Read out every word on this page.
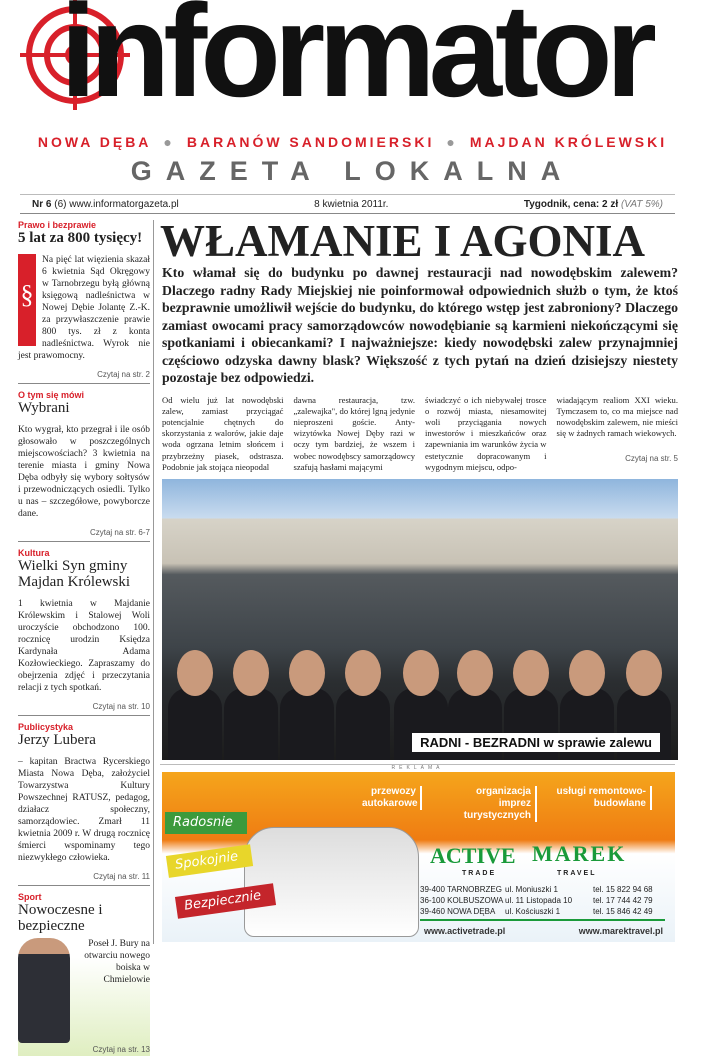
informator
NOWA DĘBA ● BARANÓW SANDOMIERSKI ● MAJDAN KRÓLEWSKI
GAZETA LOKALNA
Nr 6 (6) www.informatorgazeta.pl	8 kwietnia 2011r.	Tygodnik, cena: 2 zł (VAT 5%)
Prawo i bezprawie
5 lat za 800 tysięcy!
§
Na pięć lat więzienia skazał 6 kwietnia Sąd Okręgowy w Tarnobrzegu byłą główną księgową nadleśnictwa w Nowej Dębie Jolantę Z.-K. za przywłaszczenie prawie 800 tys. zł z konta nadleśnictwa. Wyrok nie jest prawomocny.
Czytaj na str. 2
O tym się mówi
Wybrani
Kto wygrał, kto przegrał i ile osób głosowało w poszczególnych miejscowościach? 3 kwietnia na terenie miasta i gminy Nowa Dęba odbyły się wybory sołtysów i przewodniczących osiedli. Tylko u nas – szczegółowe, powyborcze dane.
Czytaj na str. 6-7
Kultura
Wielki Syn gminy Majdan Królewski
1 kwietnia w Majdanie Królewskim i Stalowej Woli uroczyście obchodzono 100. rocznicę urodzin Księdza Kardynała Adama Kozłowieckiego. Zapraszamy do obejrzenia zdjęć i przeczytania relacji z tych spotkań.
Czytaj na str. 10
Publicystyka
Jerzy Lubera
– kapitan Bractwa Rycerskiego Miasta Nowa Dęba, założyciel Towarzystwa Kultury Powszechnej RATUSZ, pedagog, działacz społeczny, samorządowiec. Zmarł 11 kwietnia 2009 r. W drugą rocznicę śmierci wspominamy tego niezwykłego człowieka.
Czytaj na str. 11
Sport
Nowoczesne i bezpieczne
Poseł J. Bury na otwarciu nowego boiska w Chmielowie
Czytaj na str. 13
WŁAMANIE I AGONIA
Kto włamał się do budynku po dawnej restauracji nad nowodębskim zalewem? Dlaczego radny Rady Miejskiej nie poinformował odpowiednich służb o tym, że ktoś bezprawnie umożliwił wejście do budynku, do którego wstęp jest zabroniony? Dlaczego zamiast owocami pracy samorządowców nowodębianie są karmieni niekończącymi się spotkaniami i obiecankami? I najważniejsze: kiedy nowodębski zalew przynajmniej częściowo odzyska dawny blask? Większość z tych pytań na dzień dzisiejszy niestety pozostaje bez odpowiedzi.

Od wielu już lat nowodębski zalew, zamiast przyciągać potencjalnie chętnych do skorzystania z walorów, jakie daje woda ogrzana letnim słońcem i przybrzeżny piasek, odstrasza. Podobnie jak stojąca nieopodal

dawna restauracja, tzw. „zalewajka", do której lgną jedynie nieproszeni goście. Anty-wizytówka Nowej Dęby razi w oczy tym bardziej, że wszem i wobec nowodębscy samorządowcy szafują hasłami mającymi

świadczyć o ich niebywałej trosce o rozwój miasta, niesamowitej woli przyciągania nowych inwestorów i mieszkańców oraz zapewniania im warunków życia w estetycznie dopracowanym i wygodnym miejscu, odpo-

wiadającym realiom XXI wieku. Tymczasem to, co ma miejsce nad nowodębskim zalewem, nie mieści się w żadnych ramach wiekowych.
Czytaj na str. 5

RADNI - BEZRADNI w sprawie zalewu
REKLAMA
przewozy autokarowe
organizacja imprez turystycznych
usługi remontowo-budowlane
Radosnie
Spokojnie
Bezpiecznie
ACTIVE
TRADE
MAREK
TRAVEL
39-400 TARNOBRZEG ul. Moniuszki 1	tel. 15 822 94 68
36-100 KOLBUSZOWA ul. 11 Listopada 10	tel. 17 744 42 79
39-460 NOWA DĘBA	ul. Kościuszki 1	tel. 15 846 42 49
www.activetrade.pl	www.marektravel.pl
